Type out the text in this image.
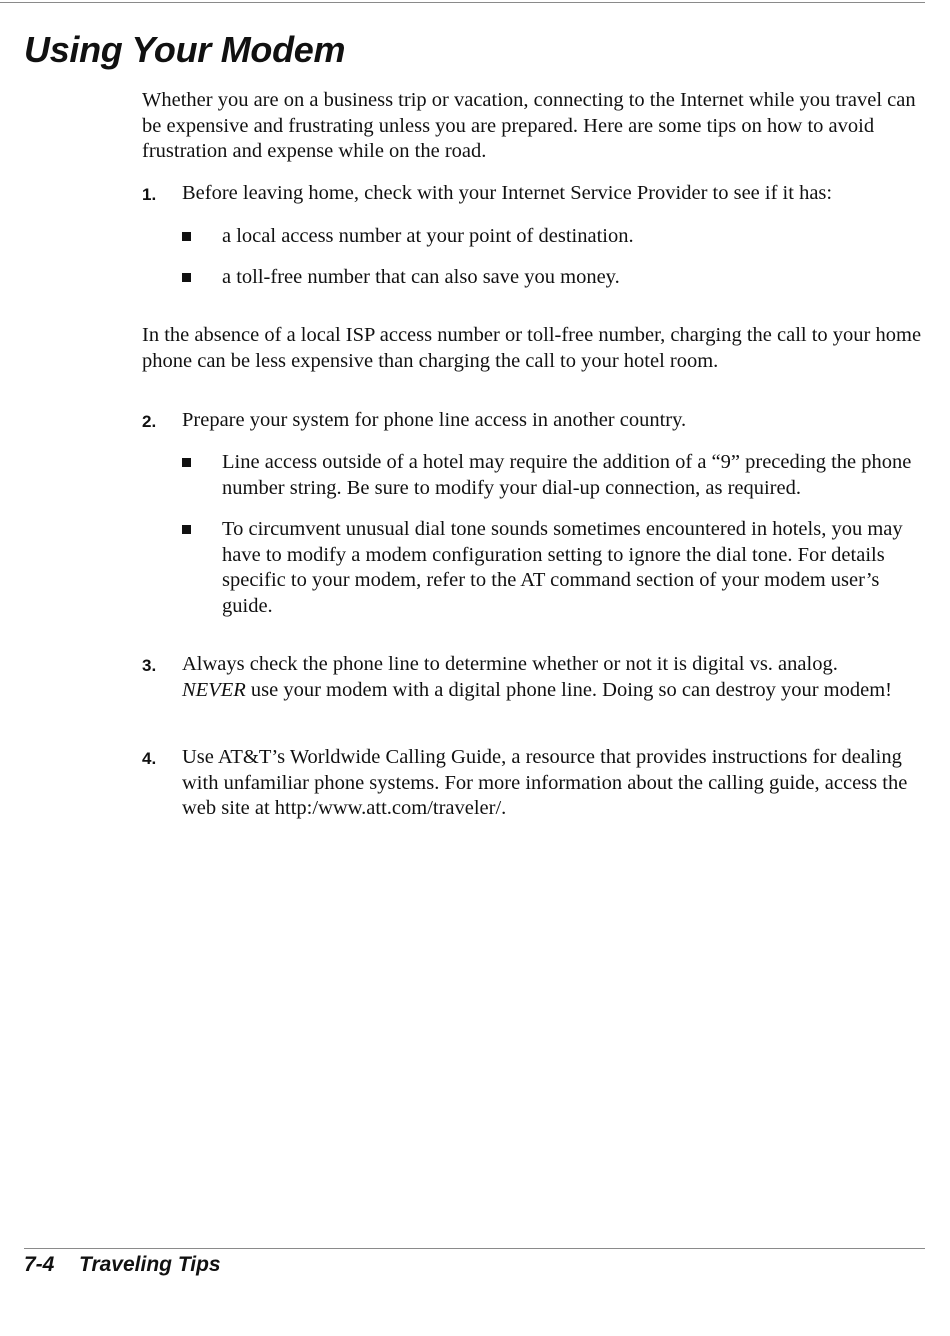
Using Your Modem

Whether you are on a business trip or vacation, connecting to the Internet while you travel can be expensive and frustrating unless you are prepared. Here are some tips on how to avoid frustration and expense while on the road.

1. Before leaving home, check with your Internet Service Provider to see if it has:

a local access number at your point of destination.

a toll-free number that can also save you money.

In the absence of a local ISP access number or toll-free number, charging the call to your home phone can be less expensive than charging the call to your hotel room.

2. Prepare your system for phone line access in another country.

Line access outside of a hotel may require the addition of a “9” preceding the phone number string. Be sure to modify your dial-up connection, as required.

To circumvent unusual dial tone sounds sometimes encountered in hotels, you may have to modify a modem configuration setting to ignore the dial tone. For details specific to your modem, refer to the AT command section of your modem user’s guide.

3. Always check the phone line to determine whether or not it is digital vs. analog.
NEVER use your modem with a digital phone line. Doing so can destroy your modem!

4. Use AT&T’s Worldwide Calling Guide, a resource that provides instructions for dealing with unfamiliar phone systems. For more information about the calling guide, access the web site at http:/www.att.com/traveler/.

7-4 Traveling Tips
